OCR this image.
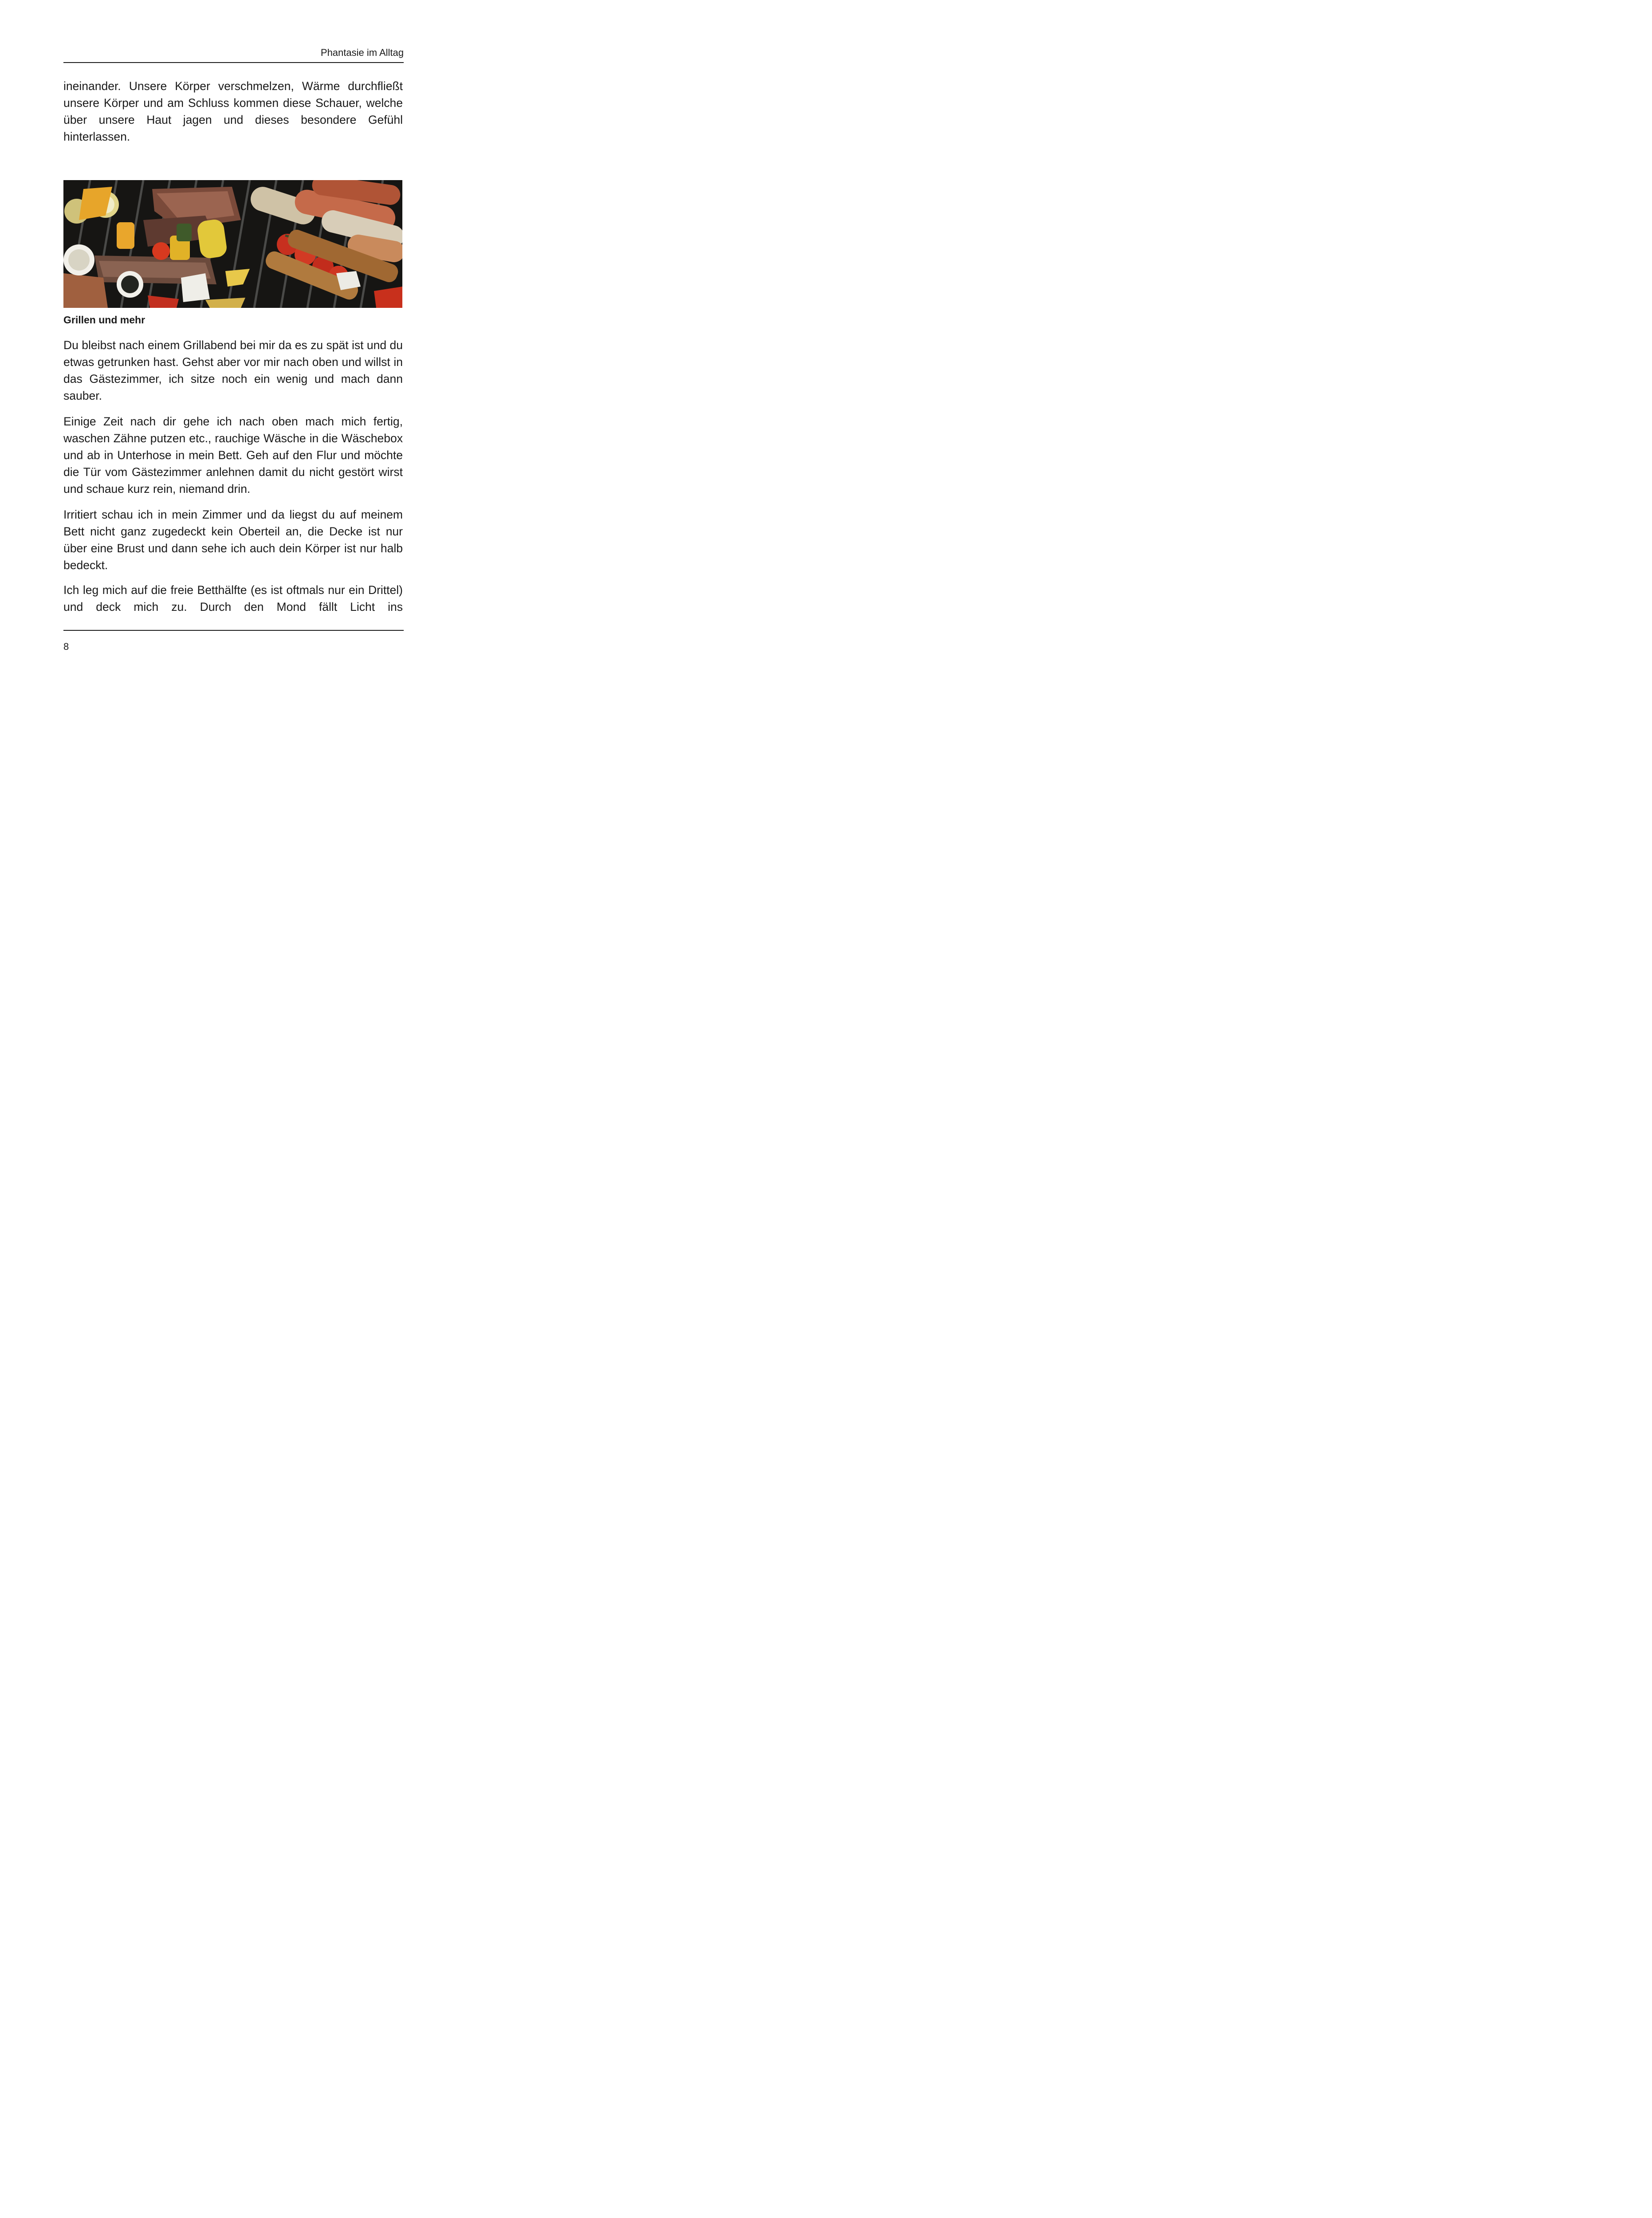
Phantasie im Alltag

ineinander. Unsere Körper verschmelzen, Wärme durchfließt unsere Körper und am Schluss kommen diese Schauer, welche über unsere Haut jagen und dieses besondere Gefühl hinterlassen.

Grillen und mehr

Du bleibst nach einem Grillabend bei mir da es zu spät ist und du etwas getrunken hast. Gehst aber vor mir nach oben und willst in das Gästezimmer, ich sitze noch ein wenig und mach dann sauber.

Einige Zeit nach dir gehe ich nach oben mach mich fertig, waschen Zähne putzen etc., rauchige Wäsche in die Wäschebox und ab in Unterhose in mein Bett. Geh auf den Flur und möchte die Tür vom Gästezimmer anlehnen damit du nicht gestört wirst und schaue kurz rein, niemand drin.

Irritiert schau ich in mein Zimmer und da liegst du auf meinem Bett nicht ganz zugedeckt kein Oberteil an, die Decke ist nur über eine Brust und dann sehe ich auch dein Körper ist nur halb bedeckt.

Ich leg mich auf die freie Betthälfte (es ist oftmals nur ein Drittel) und deck mich zu. Durch den Mond fällt Licht ins

8
